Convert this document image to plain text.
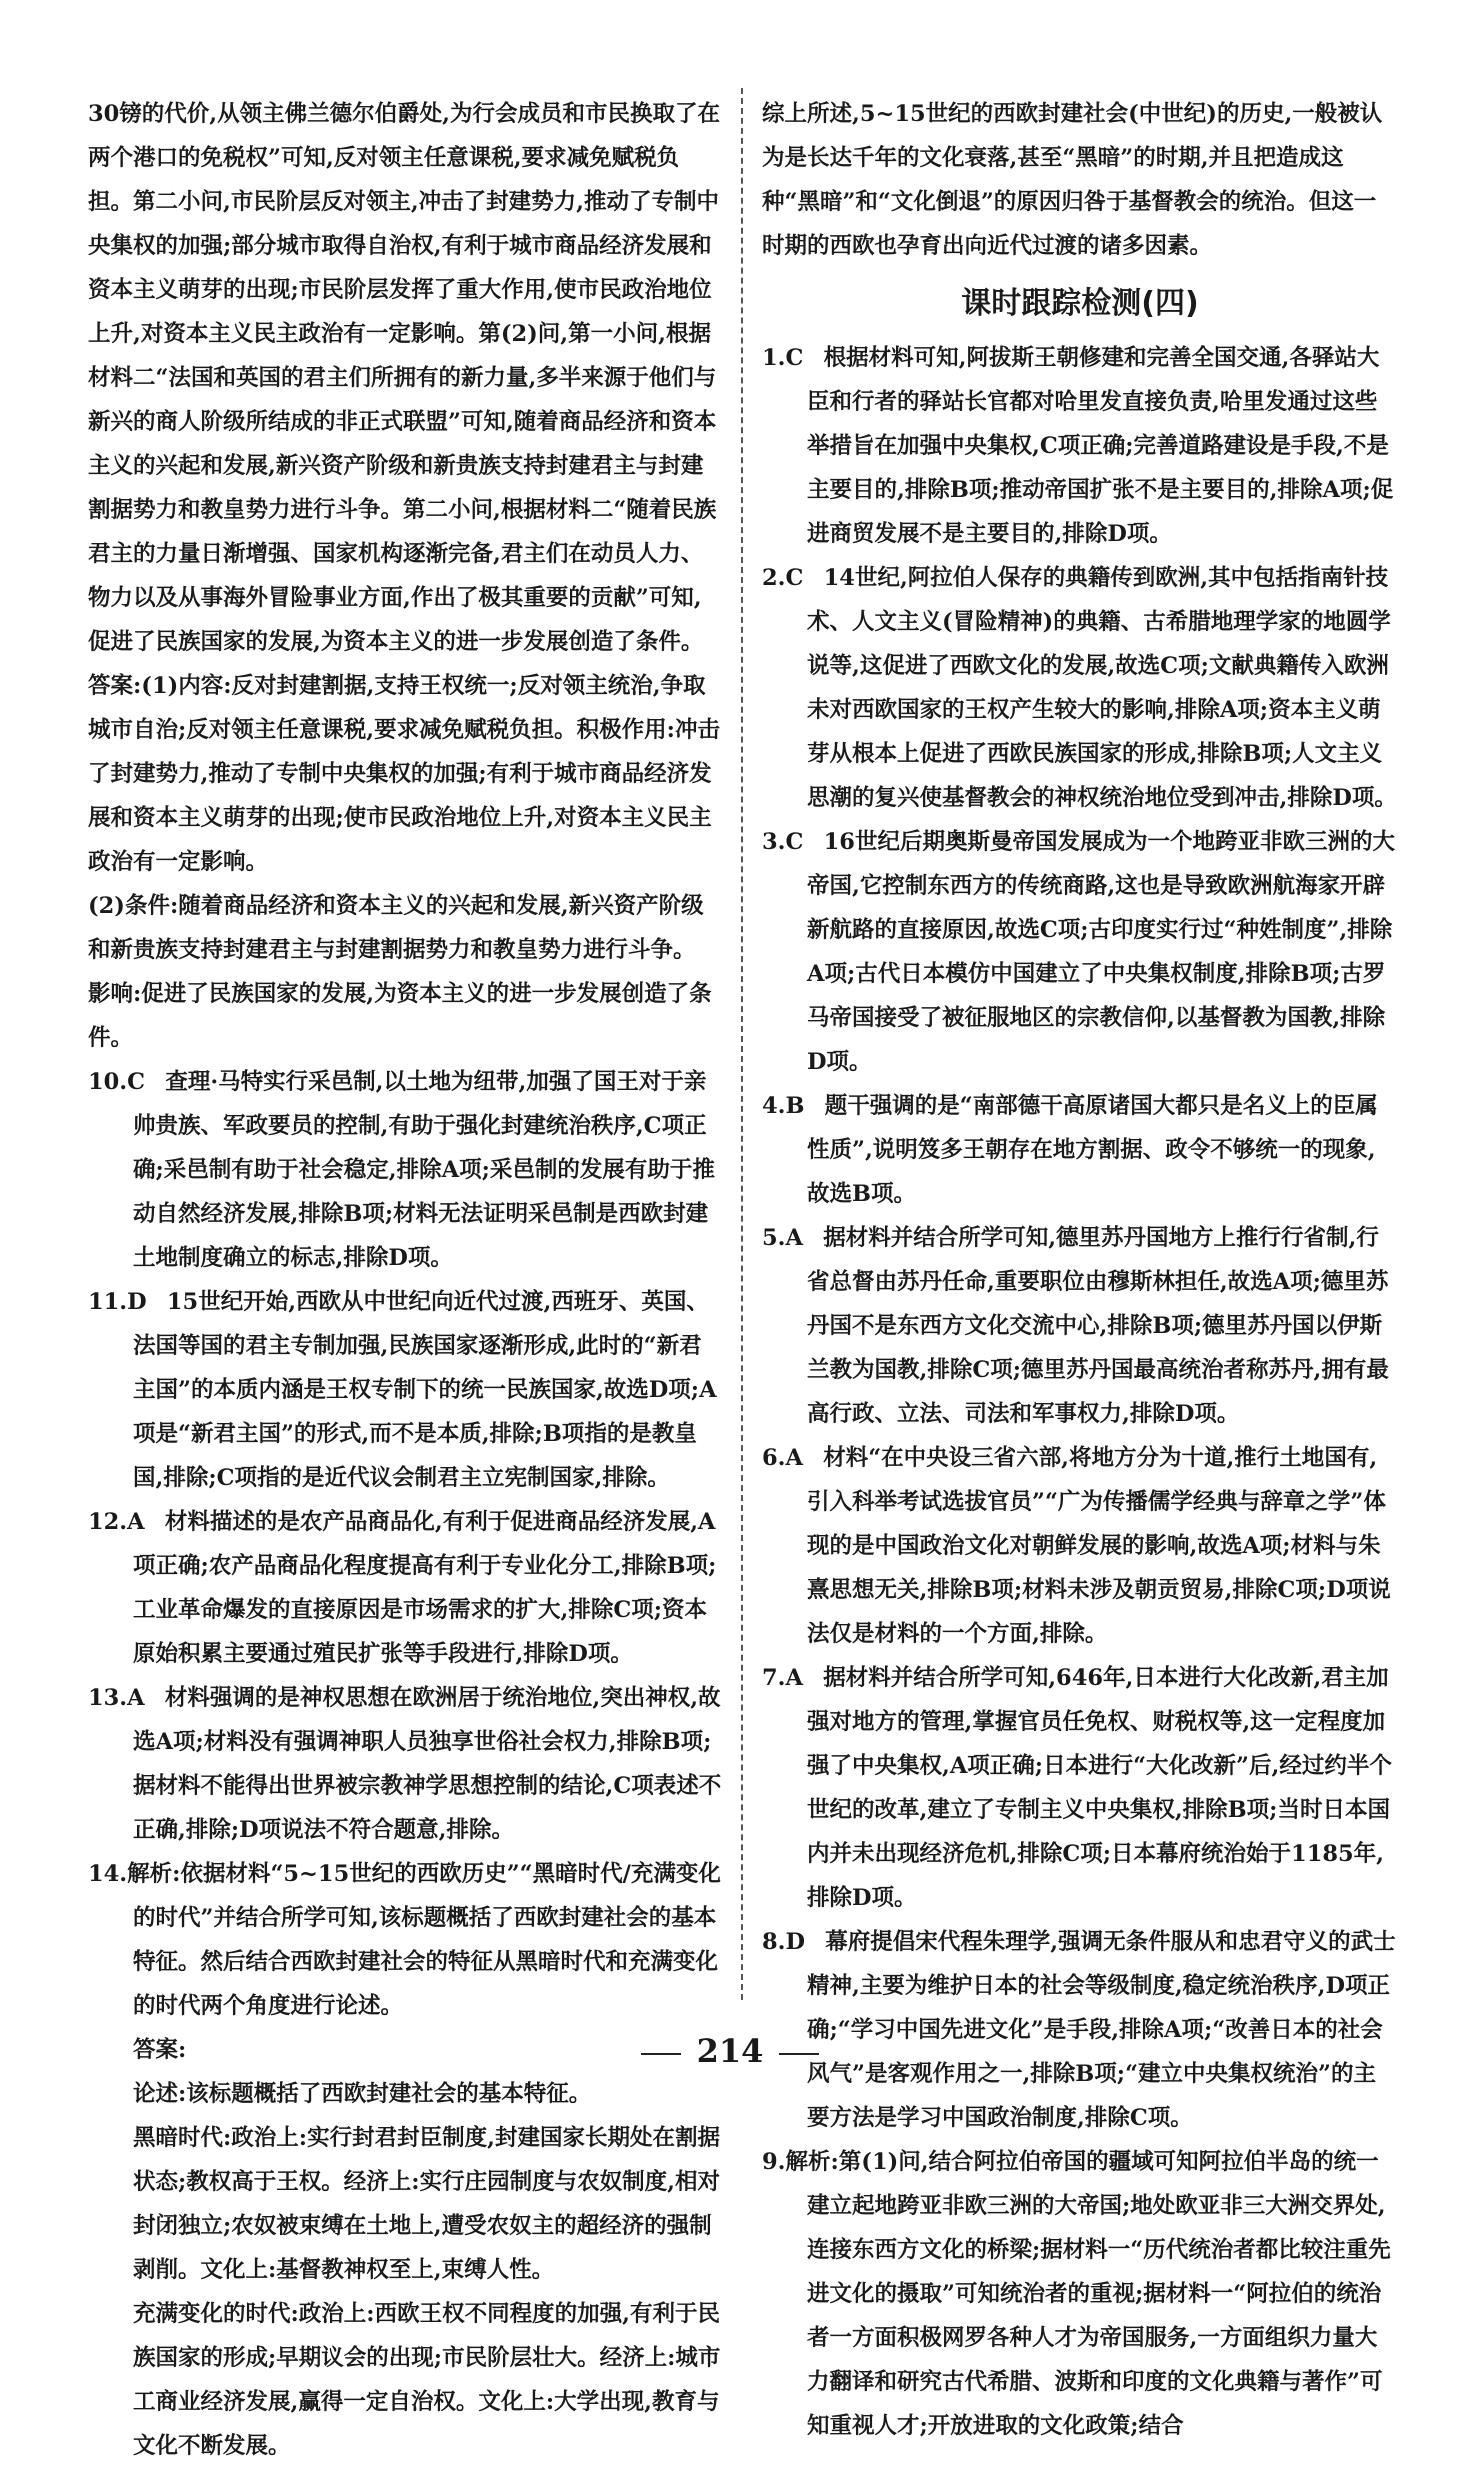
30镑的代价,从领主佛兰德尔伯爵处,为行会成员和市民换取了在两个港口的免税权”可知,反对领主任意课税,要求减免赋税负担。第二小问,市民阶层反对领主,冲击了封建势力,推动了专制中央集权的加强;部分城市取得自治权,有利于城市商品经济发展和资本主义萌芽的出现;市民阶层发挥了重大作用,使市民政治地位上升,对资本主义民主政治有一定影响。第(2)问,第一小问,根据材料二“法国和英国的君主们所拥有的新力量,多半来源于他们与新兴的商人阶级所结成的非正式联盟”可知,随着商品经济和资本主义的兴起和发展,新兴资产阶级和新贵族支持封建君主与封建割据势力和教皇势力进行斗争。第二小问,根据材料二“随着民族君主的力量日渐增强、国家机构逐渐完备,君主们在动员人力、物力以及从事海外冒险事业方面,作出了极其重要的贡献”可知,促进了民族国家的发展,为资本主义的进一步发展创造了条件。

答案:(1)内容:反对封建割据,支持王权统一;反对领主统治,争取城市自治;反对领主任意课税,要求减免赋税负担。积极作用:冲击了封建势力,推动了专制中央集权的加强;有利于城市商品经济发展和资本主义萌芽的出现;使市民政治地位上升,对资本主义民主政治有一定影响。

(2)条件:随着商品经济和资本主义的兴起和发展,新兴资产阶级和新贵族支持封建君主与封建割据势力和教皇势力进行斗争。

影响:促进了民族国家的发展,为资本主义的进一步发展创造了条件。

10.C 查理·马特实行采邑制,以土地为纽带,加强了国王对于亲帅贵族、军政要员的控制,有助于强化封建统治秩序,C项正确;采邑制有助于社会稳定,排除A项;采邑制的发展有助于推动自然经济发展,排除B项;材料无法证明采邑制是西欧封建土地制度确立的标志,排除D项。

11.D 15世纪开始,西欧从中世纪向近代过渡,西班牙、英国、法国等国的君主专制加强,民族国家逐渐形成,此时的“新君主国”的本质内涵是王权专制下的统一民族国家,故选D项;A项是“新君主国”的形式,而不是本质,排除;B项指的是教皇国,排除;C项指的是近代议会制君主立宪制国家,排除。

12.A 材料描述的是农产品商品化,有利于促进商品经济发展,A项正确;农产品商品化程度提高有利于专业化分工,排除B项;工业革命爆发的直接原因是市场需求的扩大,排除C项;资本原始积累主要通过殖民扩张等手段进行,排除D项。

13.A 材料强调的是神权思想在欧洲居于统治地位,突出神权,故选A项;材料没有强调神职人员独享世俗社会权力,排除B项;据材料不能得出世界被宗教神学思想控制的结论,C项表述不正确,排除;D项说法不符合题意,排除。

14.解析:依据材料“5~15世纪的西欧历史”“黑暗时代/充满变化的时代”并结合所学可知,该标题概括了西欧封建社会的基本特征。然后结合西欧封建社会的特征从黑暗时代和充满变化的时代两个角度进行论述。

答案:

论述:该标题概括了西欧封建社会的基本特征。

黑暗时代:政治上:实行封君封臣制度,封建国家长期处在割据状态;教权高于王权。经济上:实行庄园制度与农奴制度,相对封闭独立;农奴被束缚在土地上,遭受农奴主的超经济的强制剥削。文化上:基督教神权至上,束缚人性。

充满变化的时代:政治上:西欧王权不同程度的加强,有利于民族国家的形成;早期议会的出现;市民阶层壮大。经济上:城市工商业经济发展,赢得一定自治权。文化上:大学出现,教育与文化不断发展。

综上所述,5~15世纪的西欧封建社会(中世纪)的历史,一般被认为是长达千年的文化衰落,甚至“黑暗”的时期,并且把造成这种“黑暗”和“文化倒退”的原因归咎于基督教会的统治。但这一时期的西欧也孕育出向近代过渡的诸多因素。

课时跟踪检测(四)

1.C 根据材料可知,阿拔斯王朝修建和完善全国交通,各驿站大臣和行者的驿站长官都对哈里发直接负责,哈里发通过这些举措旨在加强中央集权,C项正确;完善道路建设是手段,不是主要目的,排除B项;推动帝国扩张不是主要目的,排除A项;促进商贸发展不是主要目的,排除D项。

2.C 14世纪,阿拉伯人保存的典籍传到欧洲,其中包括指南针技术、人文主义(冒险精神)的典籍、古希腊地理学家的地圆学说等,这促进了西欧文化的发展,故选C项;文献典籍传入欧洲未对西欧国家的王权产生较大的影响,排除A项;资本主义萌芽从根本上促进了西欧民族国家的形成,排除B项;人文主义思潮的复兴使基督教会的神权统治地位受到冲击,排除D项。

3.C 16世纪后期奥斯曼帝国发展成为一个地跨亚非欧三洲的大帝国,它控制东西方的传统商路,这也是导致欧洲航海家开辟新航路的直接原因,故选C项;古印度实行过“种姓制度”,排除A项;古代日本模仿中国建立了中央集权制度,排除B项;古罗马帝国接受了被征服地区的宗教信仰,以基督教为国教,排除D项。

4.B 题干强调的是“南部德干高原诸国大都只是名义上的臣属性质”,说明笈多王朝存在地方割据、政令不够统一的现象,故选B项。

5.A 据材料并结合所学可知,德里苏丹国地方上推行行省制,行省总督由苏丹任命,重要职位由穆斯林担任,故选A项;德里苏丹国不是东西方文化交流中心,排除B项;德里苏丹国以伊斯兰教为国教,排除C项;德里苏丹国最高统治者称苏丹,拥有最高行政、立法、司法和军事权力,排除D项。

6.A 材料“在中央设三省六部,将地方分为十道,推行土地国有,引入科举考试选拔官员”“广为传播儒学经典与辞章之学”体现的是中国政治文化对朝鲜发展的影响,故选A项;材料与朱熹思想无关,排除B项;材料未涉及朝贡贸易,排除C项;D项说法仅是材料的一个方面,排除。

7.A 据材料并结合所学可知,646年,日本进行大化改新,君主加强对地方的管理,掌握官员任免权、财税权等,这一定程度加强了中央集权,A项正确;日本进行“大化改新”后,经过约半个世纪的改革,建立了专制主义中央集权,排除B项;当时日本国内并未出现经济危机,排除C项;日本幕府统治始于1185年,排除D项。

8.D 幕府提倡宋代程朱理学,强调无条件服从和忠君守义的武士精神,主要为维护日本的社会等级制度,稳定统治秩序,D项正确;“学习中国先进文化”是手段,排除A项;“改善日本的社会风气”是客观作用之一,排除B项;“建立中央集权统治”的主要方法是学习中国政治制度,排除C项。

9.解析:第(1)问,结合阿拉伯帝国的疆域可知阿拉伯半岛的统一建立起地跨亚非欧三洲的大帝国;地处欧亚非三大洲交界处,连接东西方文化的桥梁;据材料一“历代统治者都比较注重先进文化的摄取”可知统治者的重视;据材料一“阿拉伯的统治者一方面积极网罗各种人才为帝国服务,一方面组织力量大力翻译和研究古代希腊、波斯和印度的文化典籍与著作”可知重视人才;开放进取的文化政策;结合

214
